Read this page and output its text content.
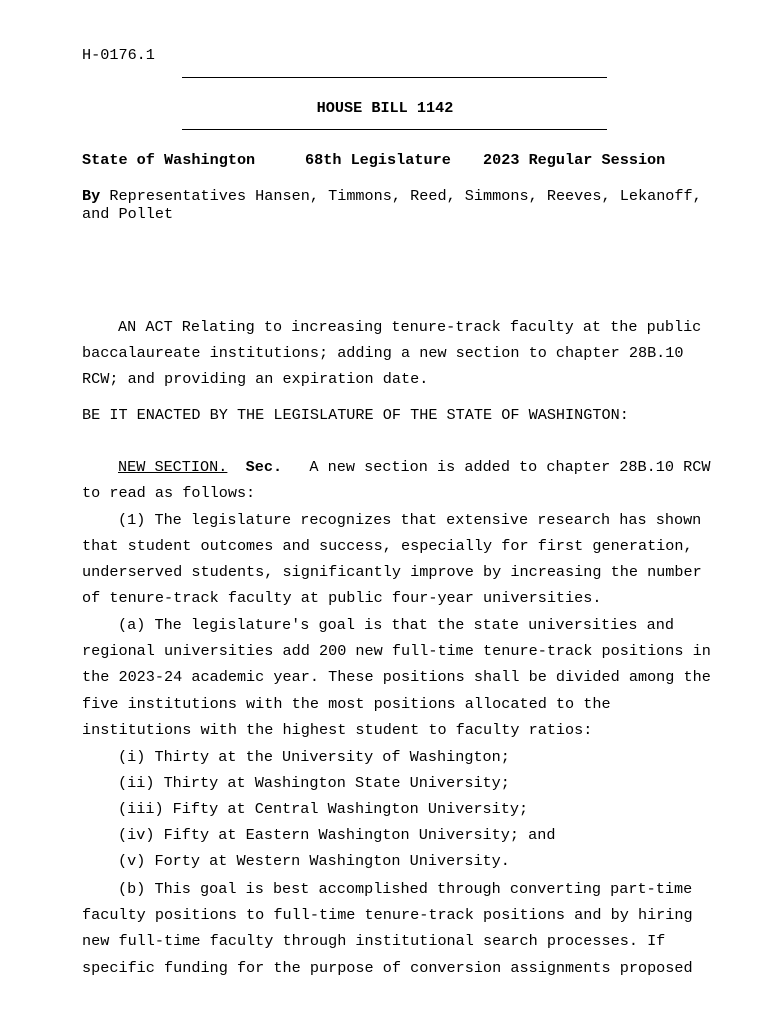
H-0176.1
HOUSE BILL 1142
State of Washington	68th Legislature 2023 Regular Session
By Representatives Hansen, Timmons, Reed, Simmons, Reeves, Lekanoff,
and Pollet
AN ACT Relating to increasing tenure-track faculty at the public
baccalaureate institutions; adding a new section to chapter 28B.10
RCW; and providing an expiration date.
BE IT ENACTED BY THE LEGISLATURE OF THE STATE OF WASHINGTON:
NEW SECTION. Sec. A new section is added to chapter 28B.10 RCW
to read as follows:
(1) The legislature recognizes that extensive research has shown
that student outcomes and success, especially for first generation,
underserved students, significantly improve by increasing the number
of tenure-track faculty at public four-year universities.
(a) The legislature's goal is that the state universities and
regional universities add 200 new full-time tenure-track positions in
the 2023-24 academic year. These positions shall be divided among the
five institutions with the most positions allocated to the
institutions with the highest student to faculty ratios:
(i) Thirty at the University of Washington;
(ii) Thirty at Washington State University;
(iii) Fifty at Central Washington University;
(iv) Fifty at Eastern Washington University; and
(v) Forty at Western Washington University.
(b) This goal is best accomplished through converting part-time
faculty positions to full-time tenure-track positions and by hiring
new full-time faculty through institutional search processes. If
specific funding for the purpose of conversion assignments proposed
